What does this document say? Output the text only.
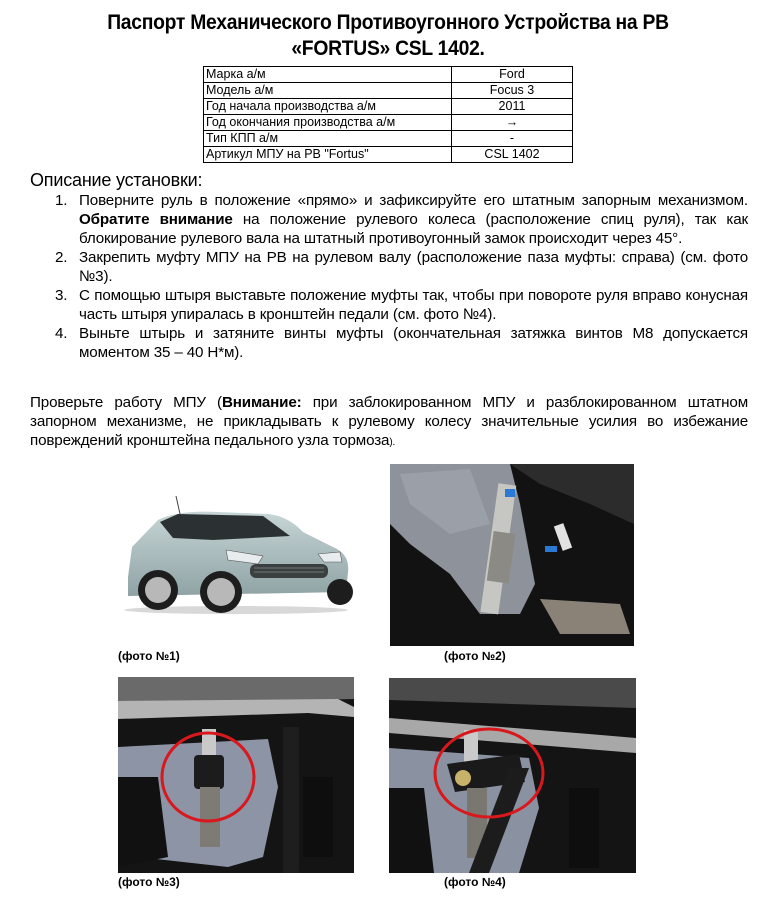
Паспорт Механического Противоугонного Устройства на РВ
«FORTUS» CSL 1402.
Марка а/м	Ford
Модель а/м	Focus 3
Год начала производства а/м	2011
Год окончания производства а/м	→
Тип КПП а/м	-
Артикул МПУ на РВ "Fortus"	CSL 1402
Описание установки:
1. Поверните руль в положение «прямо» и зафиксируйте его штатным запорным механизмом. Обратите внимание на положение рулевого колеса (расположение спиц руля), так как блокирование рулевого вала на штатный противоугонный замок происходит через 45°.
2. Закрепить муфту МПУ на РВ на рулевом валу (расположение паза муфты: справа) (см. фото №3).
3. С помощью штыря выставьте положение муфты так, чтобы при повороте руля вправо конусная часть штыря упиралась в кронштейн педали (см. фото №4).
4. Выньте штырь и затяните винты муфты (окончательная затяжка винтов М8 допускается моментом 35 – 40 Н*м).
Проверьте работу МПУ (Внимание: при заблокированном МПУ и разблокированном штатном запорном механизме, не прикладывать к рулевому колесу значительные усилия во избежание повреждений кронштейна педального узла тормоза).
(фото №1)	(фото №2)
(фото №3)	(фото №4)
